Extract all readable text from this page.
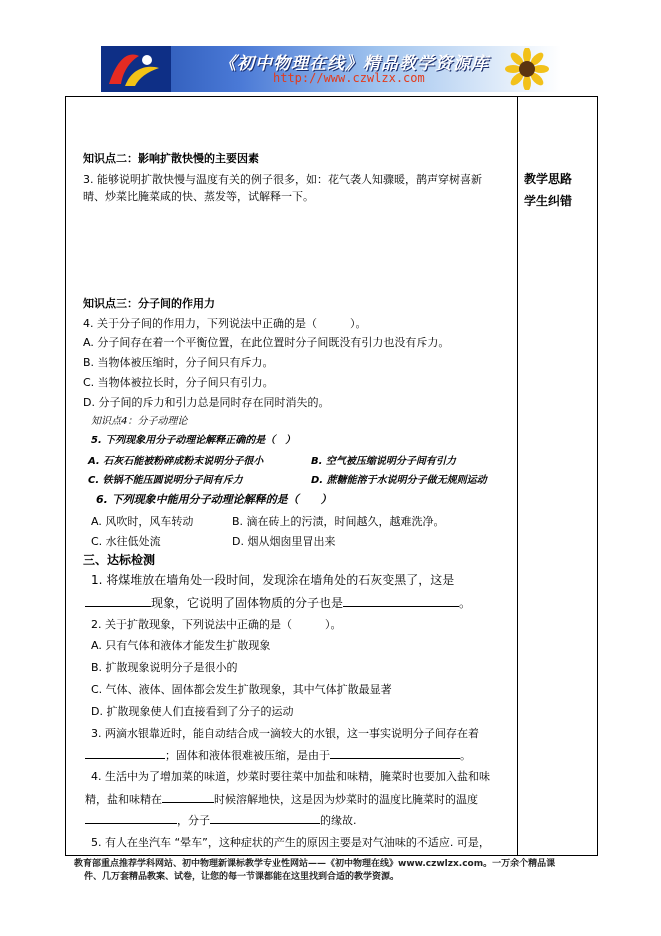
《初中物理在线》精品教学资源库
http://www.czwlzx.com
教学思路
学生纠错
知识点二：影响扩散快慢的主要因素
3. 能够说明扩散快慢与温度有关的例子很多，如：花气袭人知骤暖，鹊声穿树喜新
晴、炒菜比腌菜咸的快、蒸发等，试解释一下。
知识点三：分子间的作用力
4. 关于分子间的作用力，下列说法中正确的是（　　　）。
A. 分子间存在着一个平衡位置，在此位置时分子间既没有引力也没有斥力。
B. 当物体被压缩时，分子间只有斥力。
C. 当物体被拉长时，分子间只有引力。
D. 分子间的斥力和引力总是同时存在同时消失的。
知识点4：分子动理论
5. 下列现象用分子动理论解释正确的是（　）
A. 石灰石能被粉碎成粉末说明分子很小	B. 空气被压缩说明分子间有引力
C. 铁锅不能压圆说明分子间有斥力	D. 蔗糖能溶于水说明分子做无规则运动
6. 下列现象中能用分子动理论解释的是（　　）
A. 风吹时，风车转动	B. 滴在砖上的污渍，时间越久，越难洗净。
C. 水往低处流	D. 烟从烟囱里冒出来
三、达标检测
1. 将煤堆放在墙角处一段时间，发现涂在墙角处的石灰变黑了，这是
现象，它说明了固体物质的分子也是	。
2. 关于扩散现象，下列说法中正确的是（　　　）。
A. 只有气体和液体才能发生扩散现象
B. 扩散现象说明分子是很小的
C. 气体、液体、固体都会发生扩散现象，其中气体扩散最显著
D. 扩散现象使人们直接看到了分子的运动
3. 两滴水银靠近时，能自动结合成一滴较大的水银，这一事实说明分子间存在着
；固体和液体很难被压缩，是由于	。
4. 生活中为了增加菜的味道，炒菜时要往菜中加盐和味精，腌菜时也要加入盐和味
精，盐和味精在	时候溶解地快，这是因为炒菜时的温度比腌菜时的温度
，分子	的缘故.
5. 有人在坐汽车 “晕车”，这种症状的产生的原因主要是对气油味的不适应. 可是，
教育部重点推荐学科网站、初中物理新课标教学专业性网站——《初中物理在线》www.czwlzx.com。一万余个精品课
件、几万套精品教案、试卷，让您的每一节课都能在这里找到合适的教学资源。
